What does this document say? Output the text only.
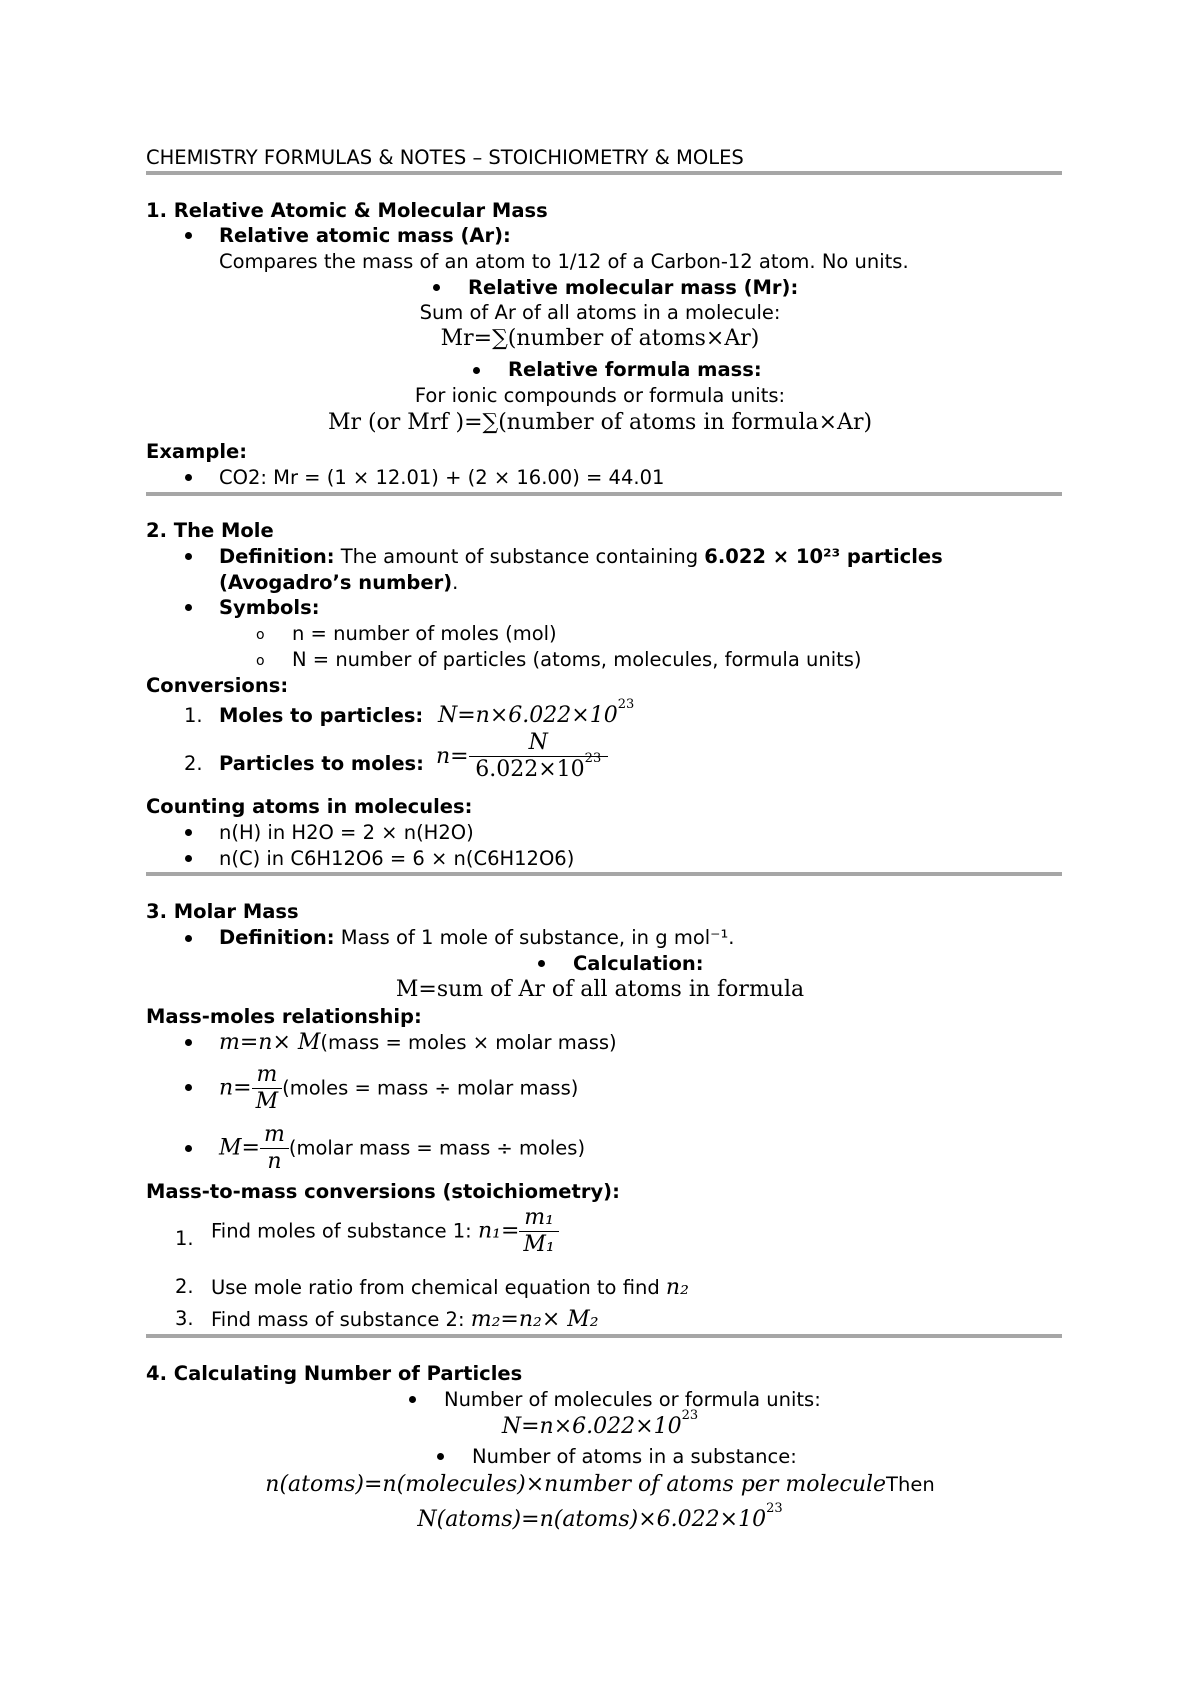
CHEMISTRY FORMULAS & NOTES – STOICHIOMETRY & MOLES
1. Relative Atomic & Molecular Mass
Relative atomic mass (Ar):
Compares the mass of an atom to 1/12 of a Carbon-12 atom. No units.
Relative molecular mass (Mr):
Sum of Ar of all atoms in a molecule:
Mr=∑(number of atoms×Ar)
Relative formula mass:
For ionic compounds or formula units:
Mr (or Mrf )=∑(number of atoms in formula×Ar)
Example:
CO2: Mr = (1 × 12.01) + (2 × 16.00) = 44.01
2. The Mole
Definition: The amount of substance containing 6.022 × 10²³ particles
(Avogadro’s number).
Symbols:
o n = number of moles (mol)
o N = number of particles (atoms, molecules, formula units)
Conversions:
1. Moles to particles: $N=n\times 6.022\times 10^{23}$
2. Particles to moles: $n= \frac{N}{6.022\times 10^{23}}$
Counting atoms in molecules:
n(H) in H2O = 2 × n(H2O)
n(C) in C6H12O6 = 6 × n(C6H12O6)
3. Molar Mass
Definition: Mass of 1 mole of substance, in g mol⁻¹.
Calculation:
M=sum of Ar of all atoms in formula
Mass-moles relationship:
m=n× M(mass = moles × molar mass)
$n= \frac{m}{M}$ (moles = mass ÷ molar mass)
$M= \frac{m}{n}$ (molar mass = mass ÷ moles)
Mass-to-mass conversions (stoichiometry):
1. Find moles of substance 1: $n_1= \frac{\text{m₁}}{\text{M₁}}$
2. Use mole ratio from chemical equation to find n₂
3. Find mass of substance 2: m₂=n₂× M₂
4. Calculating Number of Particles
Number of molecules or formula units:
$N=n\times 6.022\times 10^{23}$
Number of atoms in a substance:
n(atoms)=n(molecules)×number of atoms per moleculeThen
$N(atoms)=n(atoms)\times 6.022\times 10^{23}$
